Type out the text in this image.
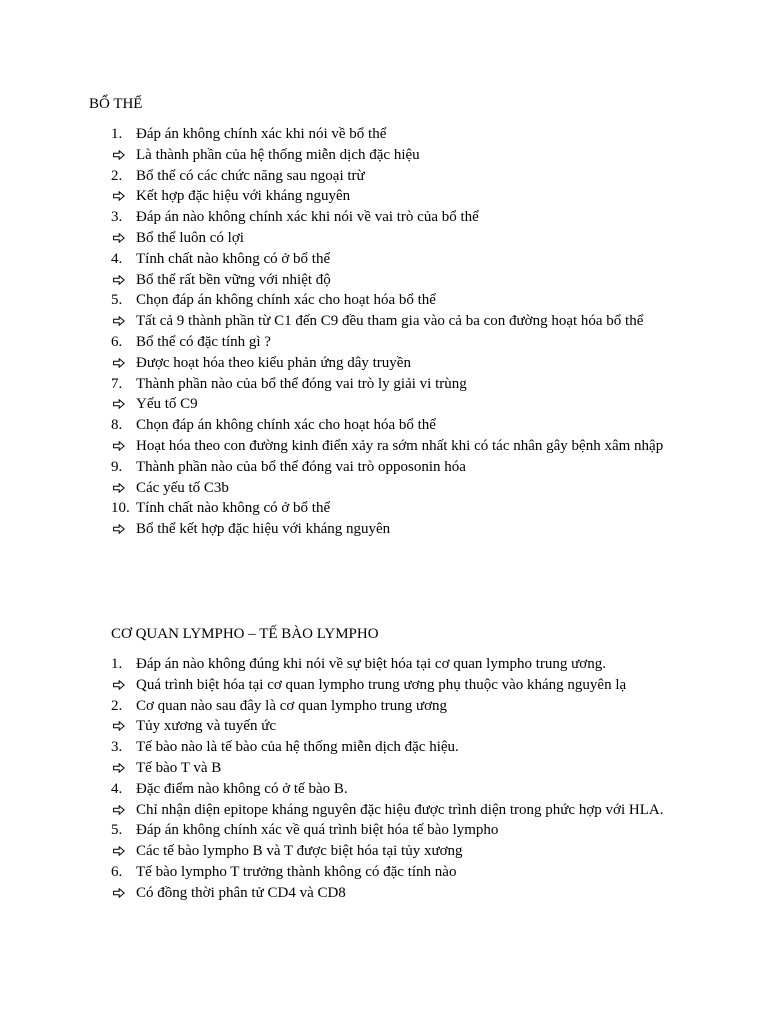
BỔ THỂ
1. Đáp án không chính xác khi nói về bổ thể
Là thành phần của hệ thống miễn dịch đặc hiệu
2. Bổ thể có các chức năng sau ngoại trừ
Kết hợp đặc hiệu với kháng nguyên
3. Đáp án nào không chính xác khi nói về vai trò của bổ thể
Bổ thể luôn có lợi
4. Tính chất nào không có ở bổ thể
Bổ thể rất bền vững với nhiệt độ
5. Chọn đáp án không chính xác cho hoạt hóa bổ thể
Tất cả 9 thành phần từ C1 đến C9 đều tham gia vào cả ba con đường hoạt hóa bổ thể
6. Bổ thể có đặc tính gì ?
Được hoạt hóa theo kiểu phản ứng dây truyền
7. Thành phần nào của bổ thể đóng vai trò ly giải vi trùng
Yếu tố C9
8. Chọn đáp án không chính xác cho hoạt hóa bổ thể
Hoạt hóa theo con đường kinh điển xảy ra sớm nhất khi có tác nhân gây bệnh xâm nhập
9. Thành phần nào của bổ thể đóng vai trò opposonin hóa
Các yếu tố C3b
10. Tính chất nào không có ở bổ thể
Bổ thể kết hợp đặc hiệu với kháng nguyên
CƠ QUAN LYMPHO – TẾ BÀO LYMPHO
1. Đáp án nào không đúng khi nói về sự biệt hóa tại cơ quan lympho trung ương.
Quá trình biệt hóa tại cơ quan lympho trung ương phụ thuộc vào kháng nguyên lạ
2. Cơ quan nào sau đây là cơ quan lympho trung ương
Tủy xương và tuyến ức
3. Tế bào nào là tế bào của hệ thống miễn dịch đặc hiệu.
Tế bào T và B
4. Đặc điểm nào không có ở tế bào B.
Chỉ nhận diện epitope kháng nguyên đặc hiệu được trình diện trong phức hợp với HLA.
5. Đáp án không chính xác về quá trình biệt hóa tế bào lympho
Các tế bào lympho B và T được biệt hóa tại tủy xương
6. Tế bào lympho T trưởng thành không có đặc tính nào
Có đồng thời phân tử CD4 và CD8
